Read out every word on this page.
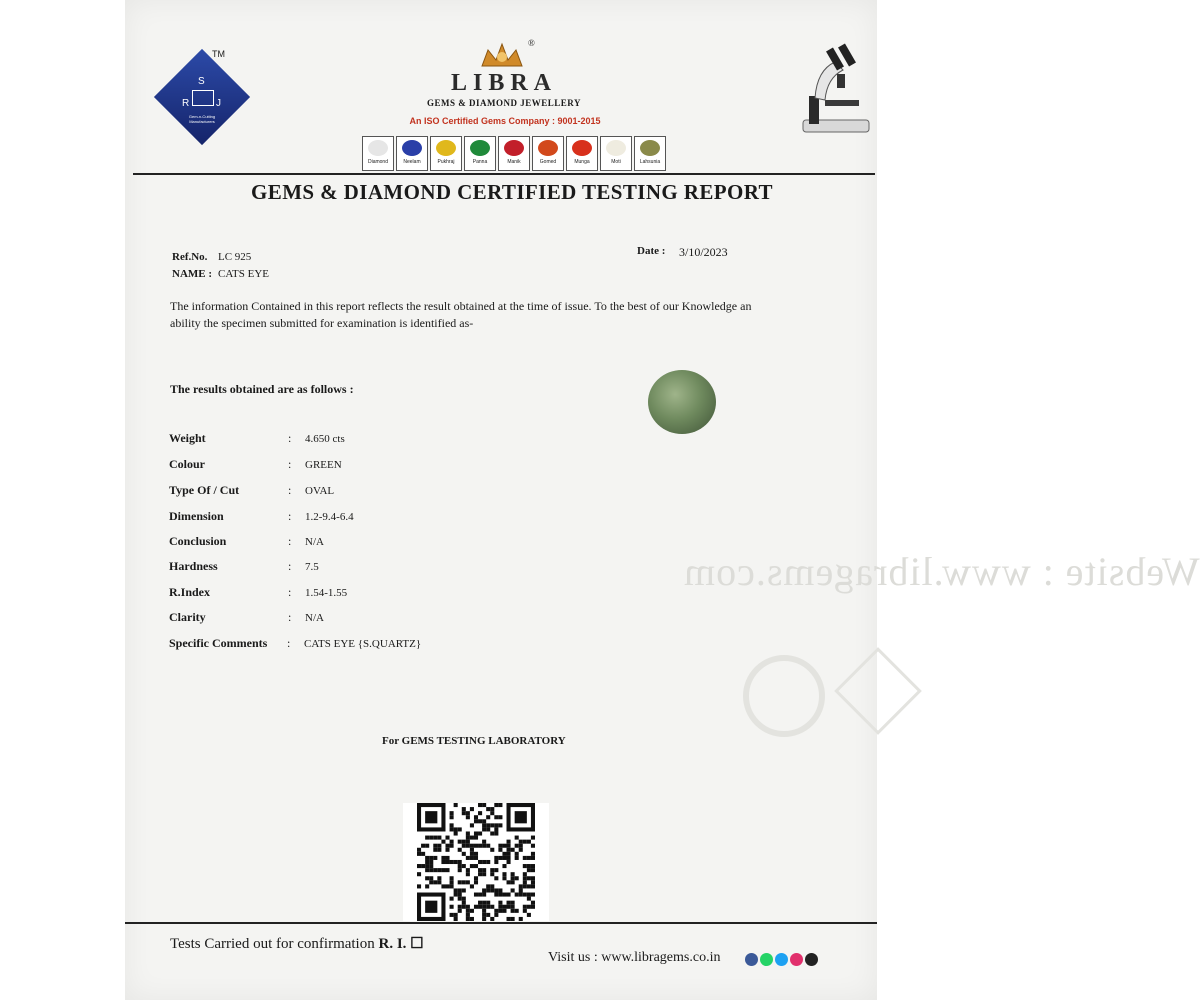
Website : www.libragems.com
S
R	J
Gem-n-Cutting Manufacturers
TM
®
LIBRA
GEMS & DIAMOND JEWELLERY
An ISO Certified Gems Company : 9001-2015
Diamond	Neelam	Pukhraj	Panna	Manik	Gomed	Munga	Moti	Lahsunia
GEMS & DIAMOND CERTIFIED TESTING REPORT
Ref.No. LC 925
NAME : CATS EYE
Date : 3/10/2023
The information Contained in this report reflects the result obtained at the time of issue. To the best of our Knowledge an ability the specimen submitted for examination is identified as-
The results obtained are as follows :
Weight	: 4.650 cts
Colour	: GREEN
Type Of / Cut	: OVAL
Dimension	: 1.2-9.4-6.4
Conclusion	: N/A
Hardness	: 7.5
R.Index	: 1.54-1.55
Clarity	: N/A
Specific Comments : CATS EYE {S.QUARTZ}
For GEMS TESTING LABORATORY
Tests Carried out for confirmation R. I. ☐
Visit us : www.libragems.co.in
